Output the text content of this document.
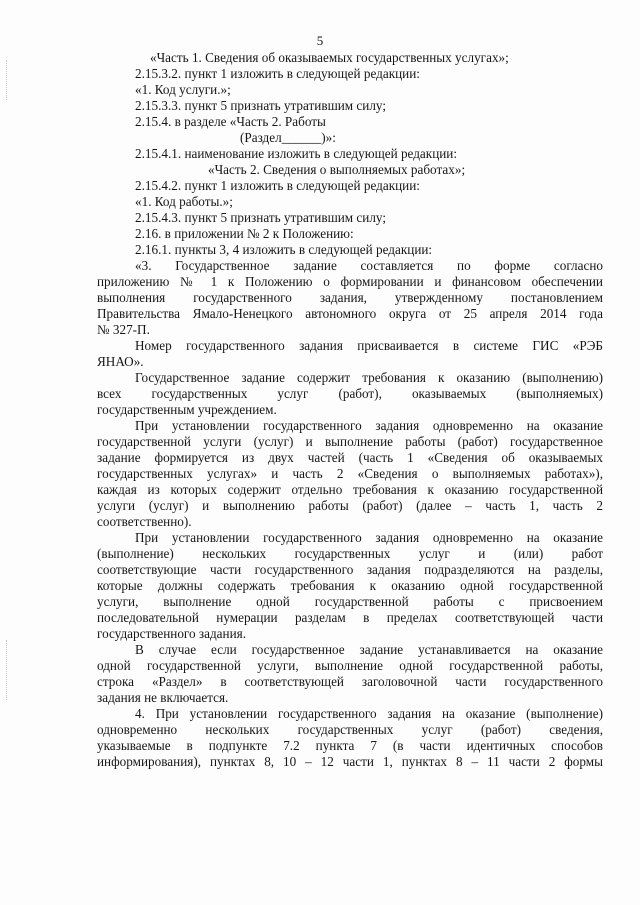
5
«Часть 1. Сведения об оказываемых государственных услугах»;
2.15.3.2. пункт 1 изложить в следующей редакции:
«1. Код услуги.»;
2.15.3.3. пункт 5 признать утратившим силу;
2.15.4. в разделе «Часть 2. Работы
(Раздел______)»:
2.15.4.1. наименование изложить в следующей редакции:
«Часть 2. Сведения о выполняемых работах»;
2.15.4.2. пункт 1 изложить в следующей редакции:
«1. Код работы.»;
2.15.4.3. пункт 5 признать утратившим силу;
2.16. в приложении № 2 к Положению:
2.16.1. пункты 3, 4 изложить в следующей редакции:
«3. Государственное задание составляется по форме согласно
приложению № 1 к Положению о формировании и финансовом обеспечении
выполнения государственного задания, утвержденному постановлением
Правительства Ямало-Ненецкого автономного округа от 25 апреля 2014 года
№ 327-П.
Номер государственного задания присваивается в системе ГИС «РЭБ
ЯНАО».
Государственное задание содержит требования к оказанию (выполнению)
всех государственных услуг (работ), оказываемых (выполняемых)
государственным учреждением.
При установлении государственного задания одновременно на оказание
государственной услуги (услуг) и выполнение работы (работ) государственное
задание формируется из двух частей (часть 1 «Сведения об оказываемых
государственных услугах» и часть 2 «Сведения о выполняемых работах»),
каждая из которых содержит отдельно требования к оказанию государственной
услуги (услуг) и выполнению работы (работ) (далее – часть 1, часть 2
соответственно).
При установлении государственного задания одновременно на оказание
(выполнение) нескольких государственных услуг и (или) работ
соответствующие части государственного задания подразделяются на разделы,
которые должны содержать требования к оказанию одной государственной
услуги, выполнение одной государственной работы с присвоением
последовательной нумерации разделам в пределах соответствующей части
государственного задания.
В случае если государственное задание устанавливается на оказание
одной государственной услуги, выполнение одной государственной работы,
строка «Раздел» в соответствующей заголовочной части государственного
задания не включается.
4. При установлении государственного задания на оказание (выполнение)
одновременно нескольких государственных услуг (работ) сведения,
указываемые в подпункте 7.2 пункта 7 (в части идентичных способов
информирования), пунктах 8, 10 – 12 части 1, пунктах 8 – 11 части 2 формы
